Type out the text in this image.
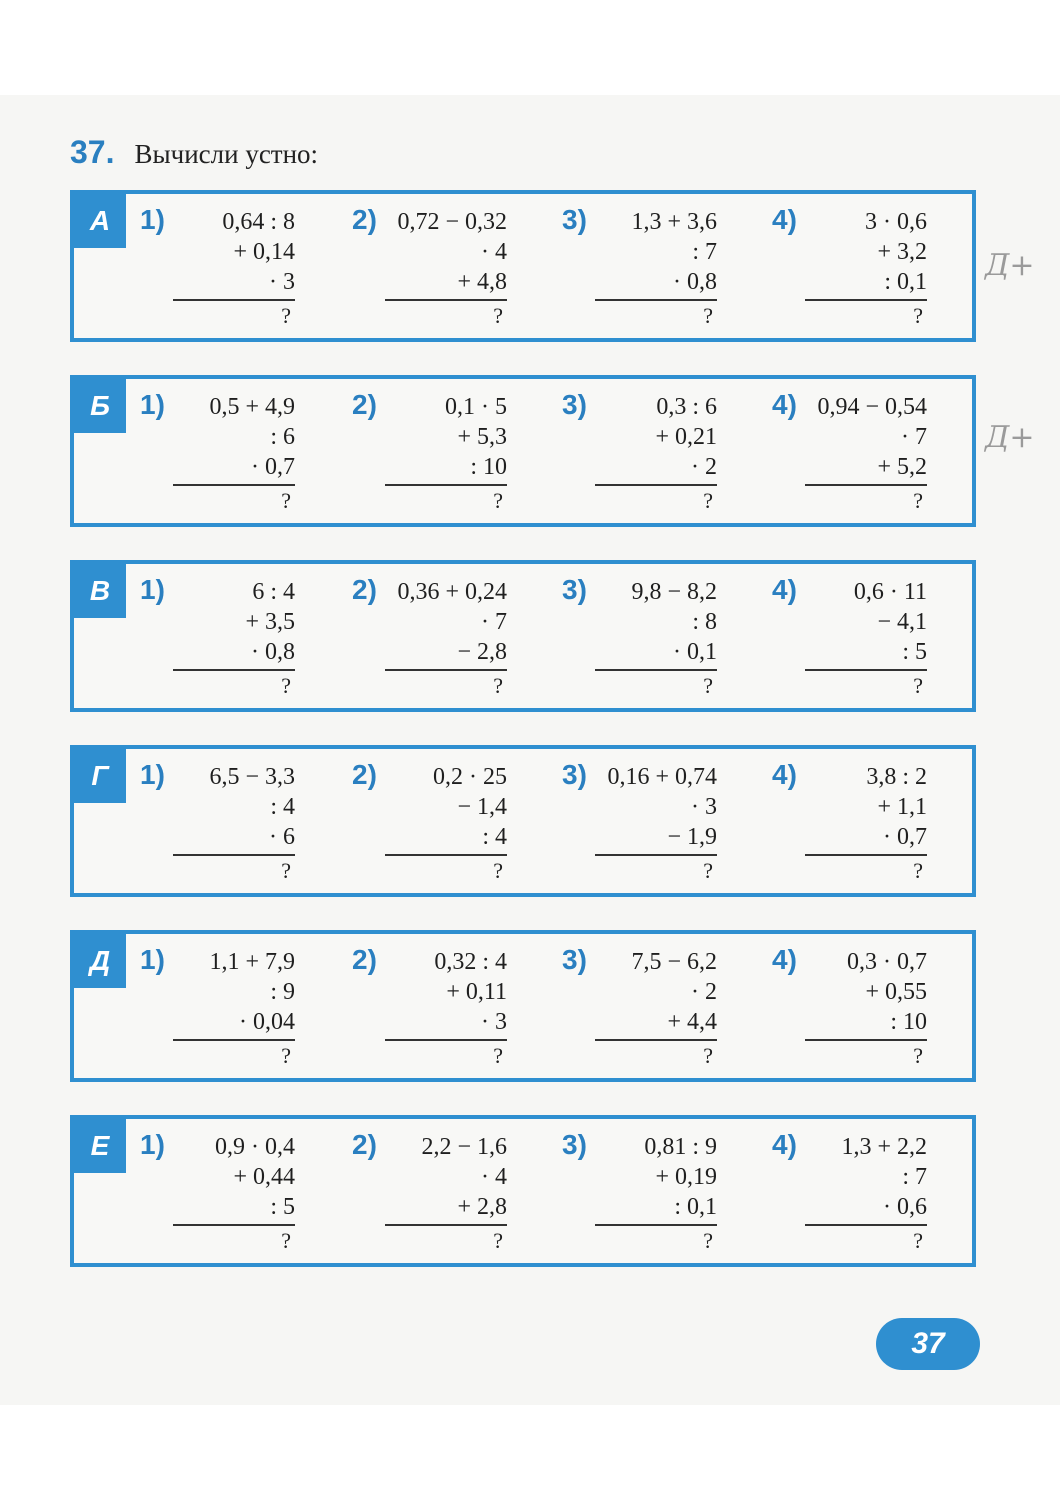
37. Вычисли устно:
А	1)	0,64 : 8
+ 0,14
· 3
?
2) 0,72 − 0,32
· 4
+ 4,8
?
3)	1,3 + 3,6
: 7
· 0,8
?
4)	3 · 0,6
+ 3,2
: 0,1
?
Б	1)	0,5 + 4,9
: 6
· 0,7
?
2)	0,1 · 5
+ 5,3
: 10
?
3)	0,3 : 6
+ 0,21
· 2
?
4) 0,94 − 0,54
· 7
+ 5,2
?
В	1)	6 : 4
+ 3,5
· 0,8
?
2) 0,36 + 0,24
· 7
− 2,8
?
3)	9,8 − 8,2
: 8
· 0,1
?
4)	0,6 · 11
− 4,1
: 5
?
Г	1)	6,5 − 3,3
: 4
· 6
?
2)	0,2 · 25
− 1,4
: 4
?
3) 0,16 + 0,74
· 3
− 1,9
?
4)	3,8 : 2
+ 1,1
· 0,7
?
Д	1)	1,1 + 7,9
: 9
· 0,04
?
2)	0,32 : 4
+ 0,11
· 3
?
3)	7,5 − 6,2
· 2
+ 4,4
?
4)	0,3 · 0,7
+ 0,55
: 10
?
Е	1)	0,9 · 0,4
+ 0,44
: 5
?
2)	2,2 − 1,6
· 4
+ 2,8
?
3)	0,81 : 9
+ 0,19
: 0,1
?
4)	1,3 + 2,2
: 7
· 0,6
?
Д+
Д+
37
